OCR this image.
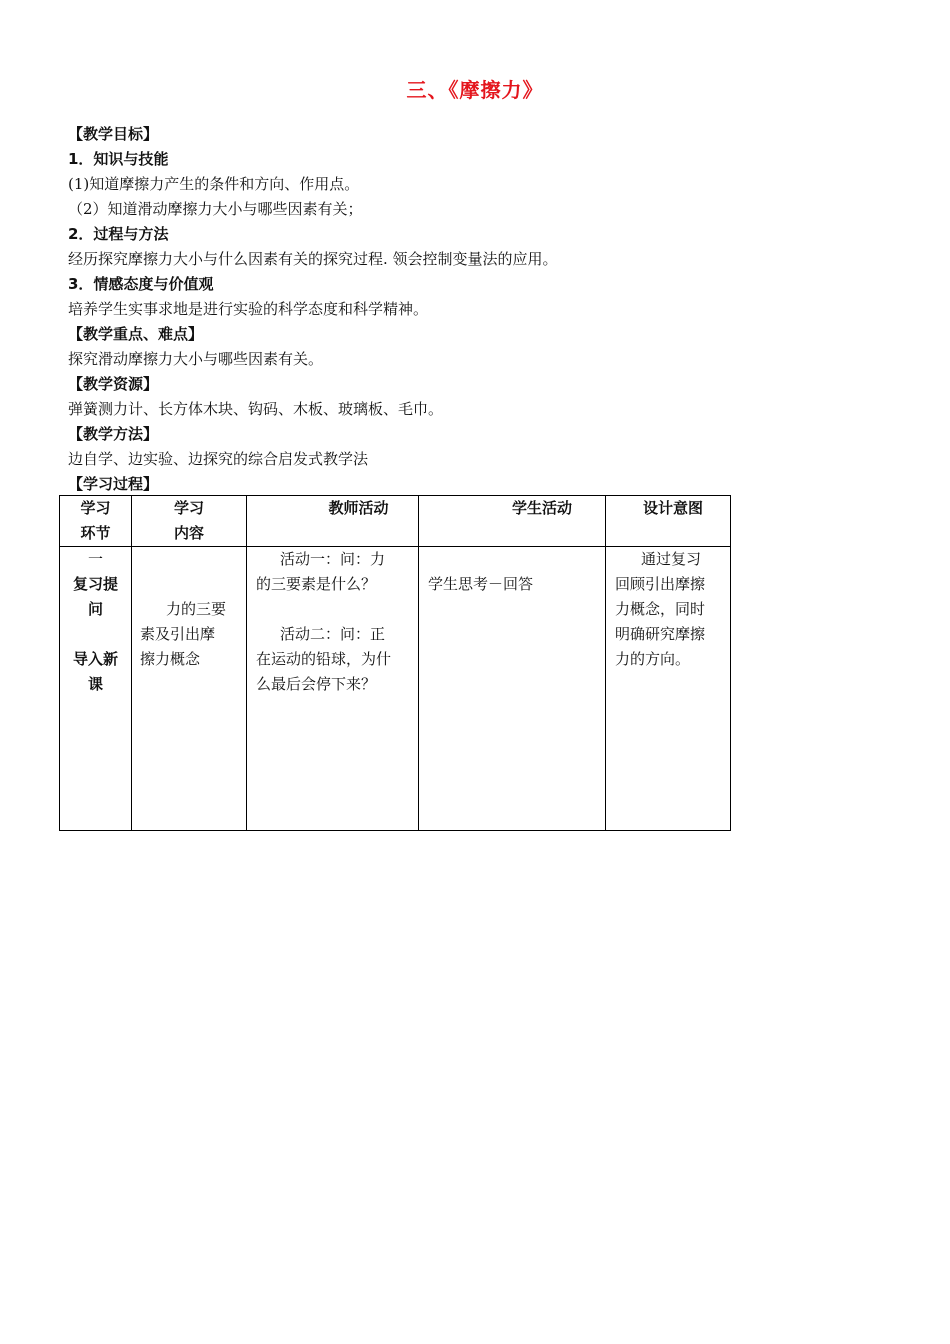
三、《摩擦力》
【教学目标】
1．知识与技能
(1)知道摩擦力产生的条件和方向、作用点。
（2）知道滑动摩擦力大小与哪些因素有关；
2．过程与方法
经历探究摩擦力大小与什么因素有关的探究过程. 领会控制变量法的应用。
3．情感态度与价值观
培养学生实事求地是进行实验的科学态度和科学精神。
【教学重点、难点】
探究滑动摩擦力大小与哪些因素有关。
【教学资源】
弹簧测力计、长方体木块、钩码、木板、玻璃板、毛巾。
【教学方法】
边自学、边实验、边探究的综合启发式教学法
【学习过程】
学习
环节	学习
内容	教师活动	学生活动	设计意图

一
复习提
问
导入新
课	力的三要
素及引出摩
擦力概念	活动一：问：力
的三要素是什么？
活动二：问：正
在运动的铅球，为什
么最后会停下来？	学生思考－回答	通过复习
回顾引出摩擦
力概念，同时
明确研究摩擦
力的方向。
